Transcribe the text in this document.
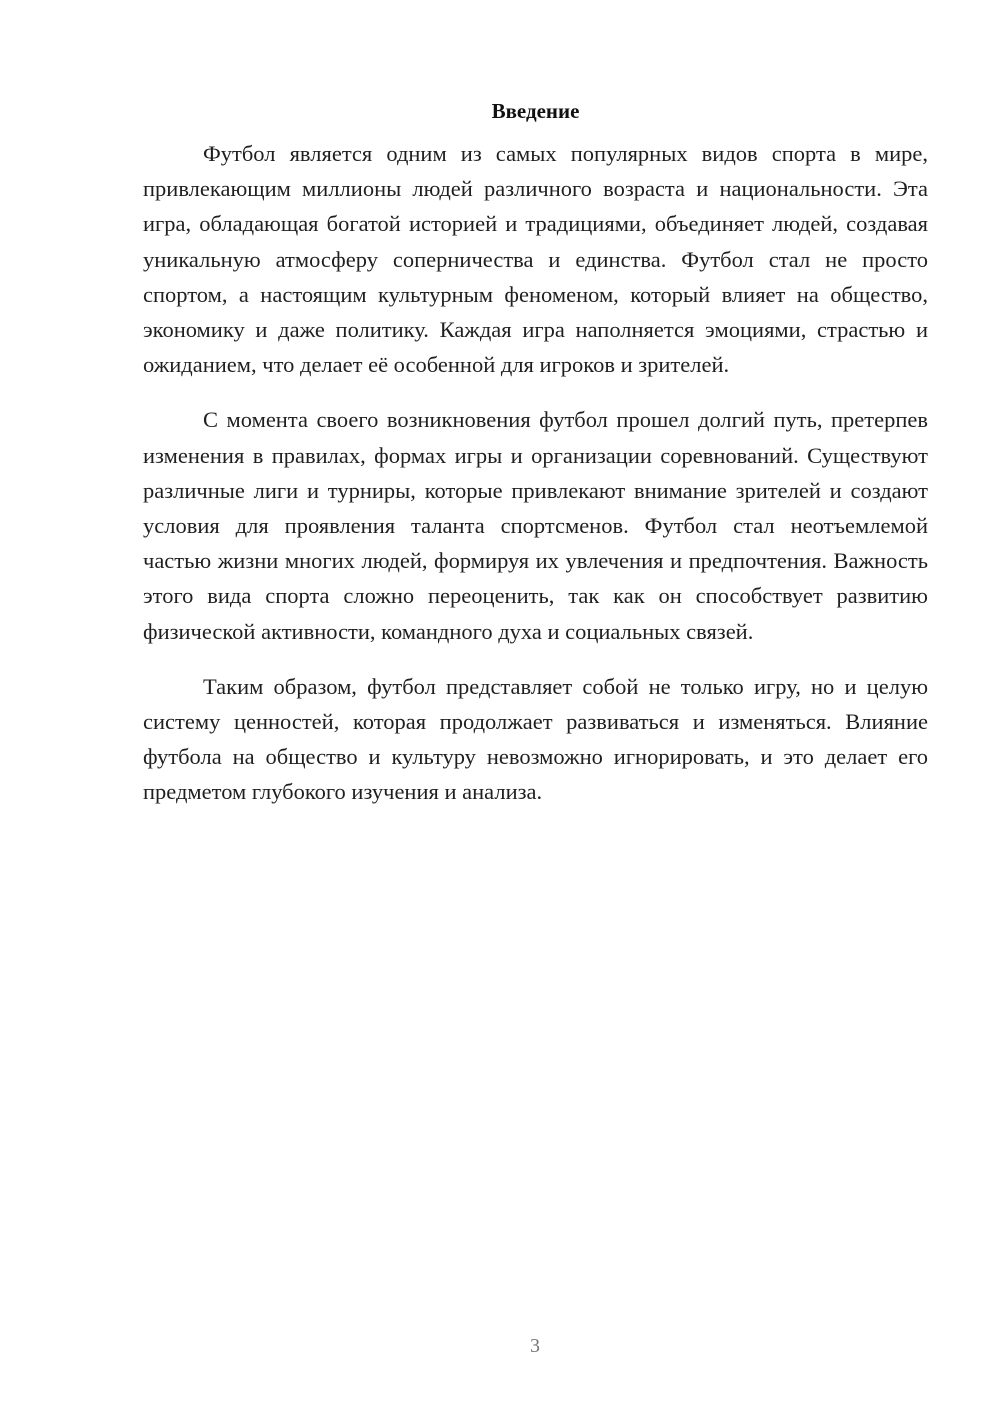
Введение

Футбол является одним из самых популярных видов спорта в мире, привлекающим миллионы людей различного возраста и национальности. Эта игра, обладающая богатой историей и традициями, объединяет людей, создавая уникальную атмосферу соперничества и единства. Футбол стал не просто спортом, а настоящим культурным феноменом, который влияет на общество, экономику и даже политику. Каждая игра наполняется эмоциями, страстью и ожиданием, что делает её особенной для игроков и зрителей.

С момента своего возникновения футбол прошел долгий путь, претерпев изменения в правилах, формах игры и организации соревнований. Существуют различные лиги и турниры, которые привлекают внимание зрителей и создают условия для проявления таланта спортсменов. Футбол стал неотъемлемой частью жизни многих людей, формируя их увлечения и предпочтения. Важность этого вида спорта сложно переоценить, так как он способствует развитию физической активности, командного духа и социальных связей.

Таким образом, футбол представляет собой не только игру, но и целую систему ценностей, которая продолжает развиваться и изменяться. Влияние футбола на общество и культуру невозможно игнорировать, и это делает его предметом глубокого изучения и анализа.

3
